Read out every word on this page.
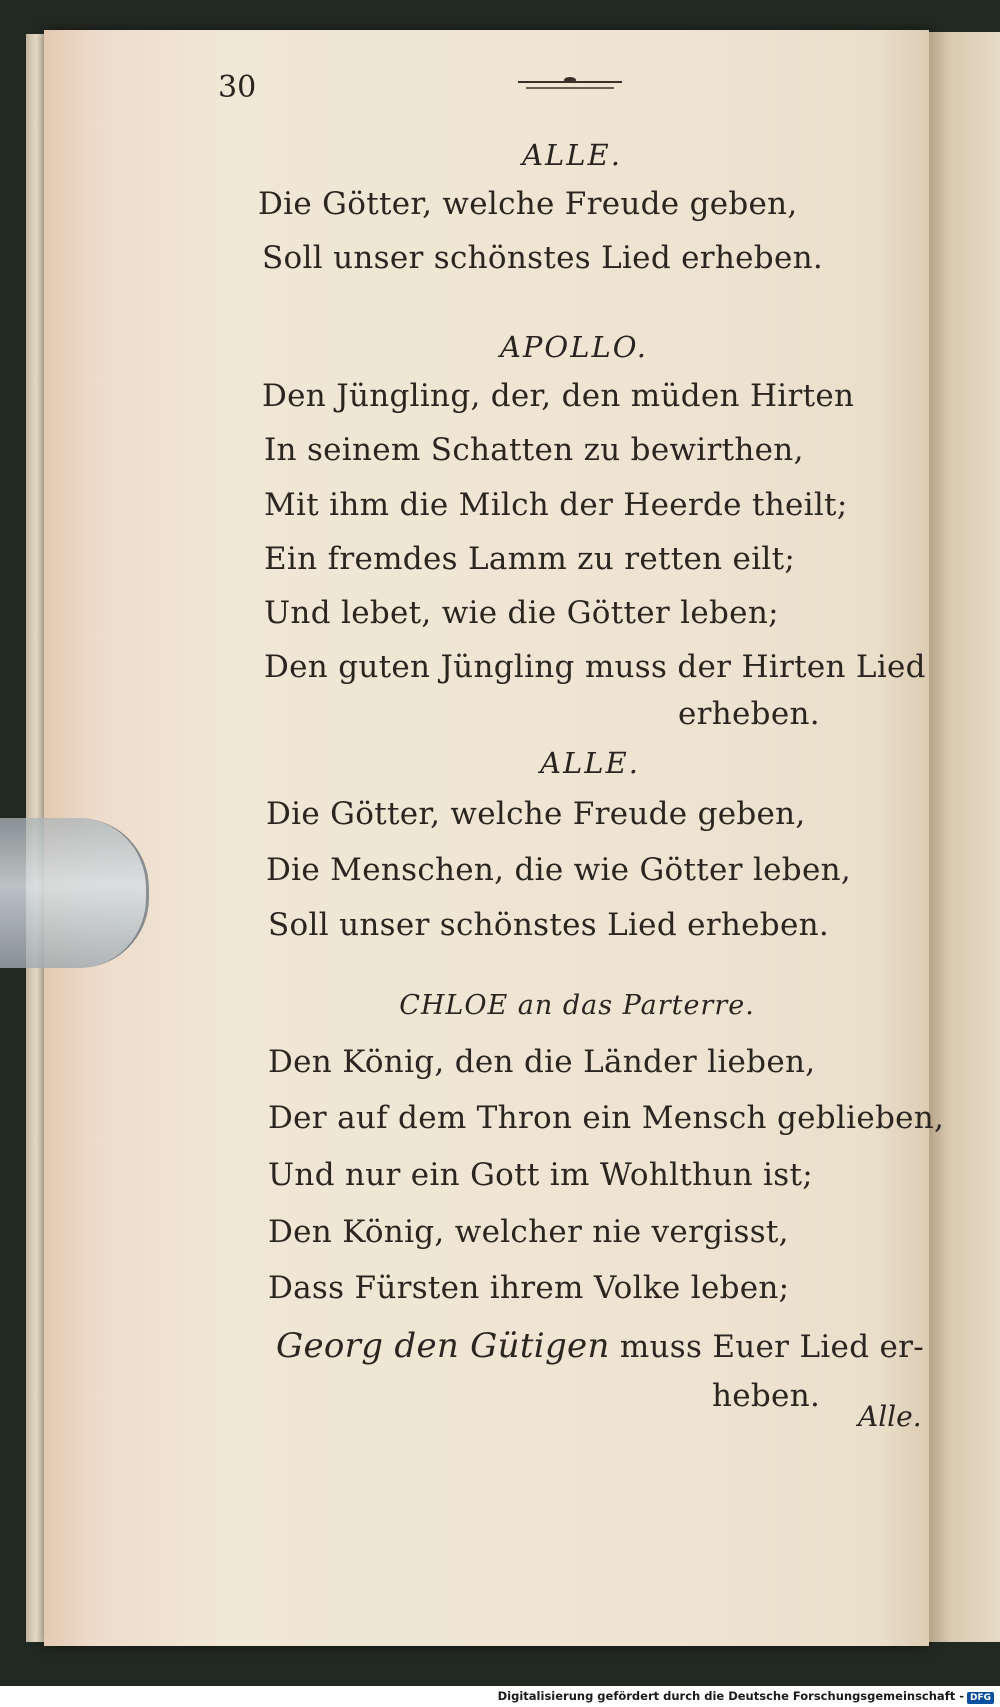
30
ALLE.
Die Götter, welche Freude geben,
Soll unser schönstes Lied erheben.
APOLLO.
Den Jüngling, der, den müden Hirten
In seinem Schatten zu bewirthen,
Mit ihm die Milch der Heerde theilt;
Ein fremdes Lamm zu retten eilt;
Und lebet, wie die Götter leben;
Den guten Jüngling muss der Hirten Lied
erheben.
ALLE.
Die Götter, welche Freude geben,
Die Menschen, die wie Götter leben,
Soll unser schönstes Lied erheben.
CHLOE an das Parterre.
Den König, den die Länder lieben,
Der auf dem Thron ein Mensch geblieben,
Und nur ein Gott im Wohlthun ist;
Den König, welcher nie vergisst,
Dass Fürsten ihrem Volke leben;
Georg den Gütigen muss Euer Lied er-
heben.
Alle.
Digitalisierung gefördert durch die Deutsche Forschungsgemeinschaft - DFG
